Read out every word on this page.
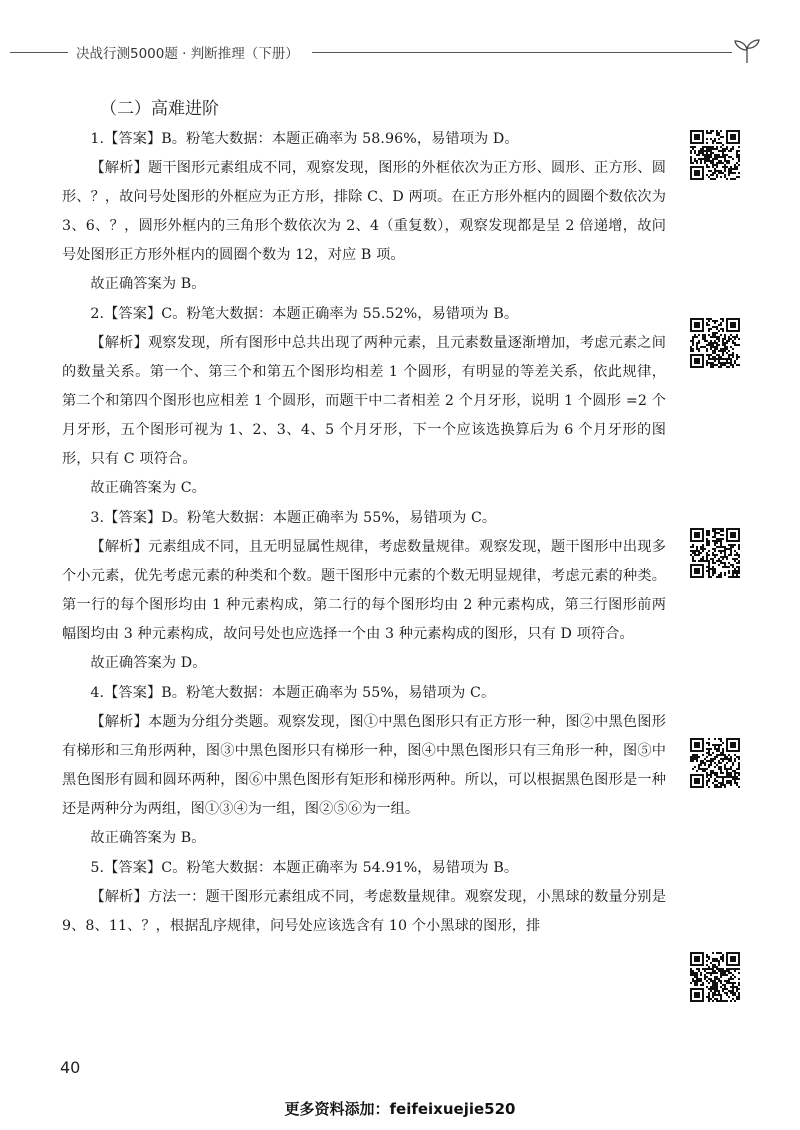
决战行测5000题 · 判断推理（下册）
（二）高难进阶

1.【答案】B。粉笔大数据：本题正确率为 58.96%，易错项为 D。

【解析】题干图形元素组成不同，观察发现，图形的外框依次为正方形、圆形、正方形、圆形、？，故问号处图形的外框应为正方形，排除 C、D 两项。在正方形外框内的圆圈个数依次为 3、6、？，圆形外框内的三角形个数依次为 2、4（重复数），观察发现都是呈 2 倍递增，故问号处图形正方形外框内的圆圈个数为 12，对应 B 项。

故正确答案为 B。

2.【答案】C。粉笔大数据：本题正确率为 55.52%，易错项为 B。

【解析】观察发现，所有图形中总共出现了两种元素，且元素数量逐渐增加，考虑元素之间的数量关系。第一个、第三个和第五个图形均相差 1 个圆形，有明显的等差关系，依此规律，第二个和第四个图形也应相差 1 个圆形，而题干中二者相差 2 个月牙形，说明 1 个圆形 =2 个月牙形，五个图形可视为 1、2、3、4、5 个月牙形，下一个应该选换算后为 6 个月牙形的图形，只有 C 项符合。

故正确答案为 C。

3.【答案】D。粉笔大数据：本题正确率为 55%，易错项为 C。

【解析】元素组成不同，且无明显属性规律，考虑数量规律。观察发现，题干图形中出现多个小元素，优先考虑元素的种类和个数。题干图形中元素的个数无明显规律，考虑元素的种类。第一行的每个图形均由 1 种元素构成，第二行的每个图形均由 2 种元素构成，第三行图形前两幅图均由 3 种元素构成，故问号处也应选择一个由 3 种元素构成的图形，只有 D 项符合。

故正确答案为 D。

4.【答案】B。粉笔大数据：本题正确率为 55%，易错项为 C。

【解析】本题为分组分类题。观察发现，图①中黑色图形只有正方形一种，图②中黑色图形有梯形和三角形两种，图③中黑色图形只有梯形一种，图④中黑色图形只有三角形一种，图⑤中黑色图形有圆和圆环两种，图⑥中黑色图形有矩形和梯形两种。所以，可以根据黑色图形是一种还是两种分为两组，图①③④为一组，图②⑤⑥为一组。

故正确答案为 B。

5.【答案】C。粉笔大数据：本题正确率为 54.91%，易错项为 B。

【解析】方法一：题干图形元素组成不同，考虑数量规律。观察发现，小黑球的数量分别是 9、8、11、？，根据乱序规律，问号处应该选含有 10 个小黑球的图形，排

40
更多资料添加：feifeixuejie520
